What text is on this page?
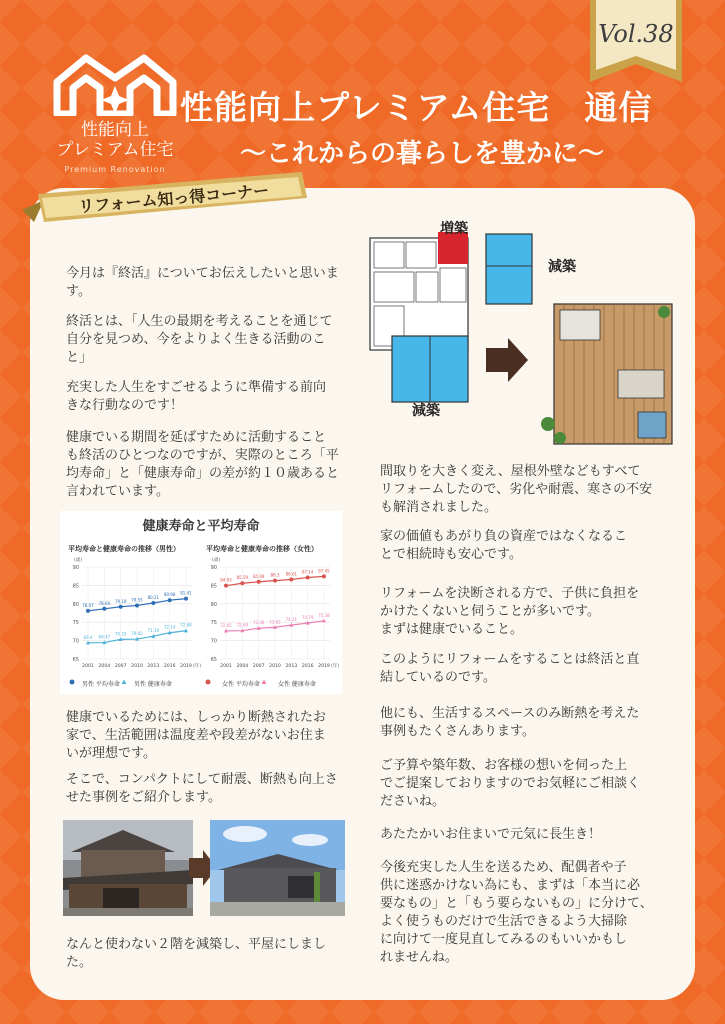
性能向上
プレミアム住宅
Premium Renovation
Vol.38
性能向上プレミアム住宅　通信
～これからの暮らしを豊かに～
リフォーム知っ得コーナー
今月は『終活』についてお伝えしたいと思いま
す。
終活とは、「人生の最期を考えることを通じて
自分を見つめ、今をよりよく生きる活動のこ
と」
充実した人生をすごせるように準備する前向
きな行動なのです！
健康でいる期間を延ばすために活動すること
も終活のひとつなのですが、実際のところ「平
均寿命」と「健康寿命」の差が約１０歳あると
言われています。
健康でいるためには、しっかり断熱されたお
家で、生活範囲は温度差や段差がないお住ま
いが理想です。
そこで、コンパクトにして耐震、断熱も向上さ
せた事例をご紹介します。
なんと使わない２階を減築し、平屋にしまし
た。
間取りを大きく変え、屋根外壁などもすべて
リフォームしたので、劣化や耐震、寒さの不安
も解消されました。
家の価値もあがり負の資産ではなくなるこ
とで相続時も安心です。
リフォームを決断される方で、子供に負担を
かけたくないと伺うことが多いです。
まずは健康でいること。
このようにリフォームをすることは終活と直
結しているのです。
他にも、生活するスペースのみ断熱を考えた
事例もたくさんあります。
ご予算や築年数、お客様の想いを伺った上
でご提案しておりますのでお気軽にご相談く
ださいね。
あたたかいお住まいで元気に長生き！
今後充実した人生を送るため、配偶者や子
供に迷惑かけない為にも、まずは「本当に必
要なもの」と「もう要らないもの」に分けて、
よく使うものだけで生活できるよう大掃除
に向けて一度見直してみるのもいいかもし
れませんね。
健康寿命と平均寿命
平均寿命と健康寿命の推移（男性）	平均寿命と健康寿命の推移（女性）
65
70
75
80
85
90
2001 2004 2007 2010 2013 2016 2019
(歳)
(年)
78.07 78.64 79.19 79.55 80.21
80.98 81.41
69.4 69.47
70.33 70.42
71.19
72.14 72.68
65
70
75
80
85
90
2001 2004 2007 2010 2013 2016 2019
(歳)
(年)
84.93 85.59 85.99 86.3 86.61 87.14 87.45
72.65 72.69 73.36 73.62 74.21 74.79 75.38
男性 平均寿命 男性 健康寿命	女性 平均寿命	女性 健康寿命
増築
減築
減築
